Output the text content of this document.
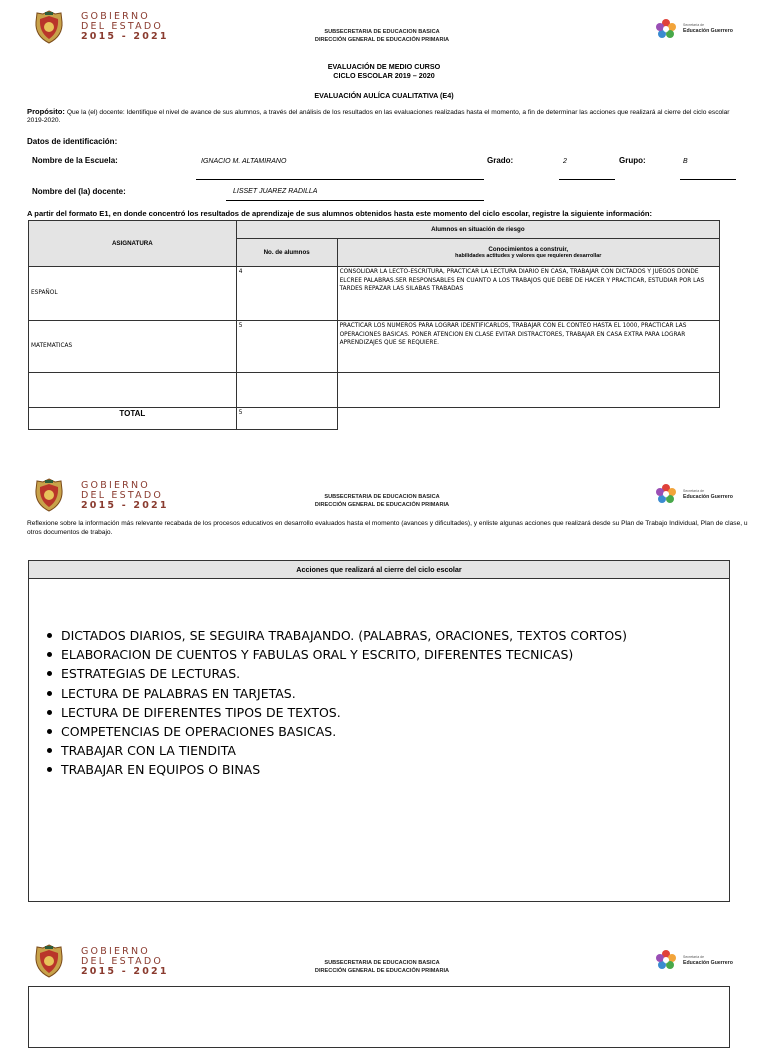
GOBIERNO
DEL ESTADO
2015 - 2021	SUBSECRETARIA DE EDUCACION BASICA
DIRECCIÓN GENERAL DE EDUCACIÓN PRIMARIA
Secretaría de
Educación Guerrero
EVALUACIÓN DE MEDIO CURSO
CICLO ESCOLAR 2019 – 2020
EVALUACIÓN AULÍCA CUALITATIVA (E4)
Propósito: Que la (el) docente: Identifique el nivel de avance de sus alumnos, a través del análisis de los resultados en las evaluaciones realizadas hasta el momento, a fin de determinar las acciones que realizará al cierre del ciclo escolar 2019-2020.
Datos de identificación:
Nombre de la Escuela:	IGNACIO M. ALTAMIRANO	Grado:	2	Grupo:	B
Nombre del (la) docente:	LISSET JUAREZ RADILLA
A partir del formato E1, en donde concentró los resultados de aprendizaje de sus alumnos obtenidos hasta este momento del ciclo escolar, registre la siguiente información:
ASIGNATURA	Alumnos en situación de riesgo	
	No. de alumnos	Conocimientos a construir,
habilidades actitudes y valores que requieren desarrollar

ESPAÑOL	4	CONSOLIDAR LA LECTO-ESCRITURA, PRACTICAR LA LECTURA DIARIO EN CASA, TRABAJAR CON DICTADOS Y JUEGOS DONDE ELCREE PALABRAS.SER RESPONSABLES EN CUANTO A LOS TRABAJOS QUE DEBE DE HACER Y PRACTICAR, ESTUDIAR POR LAS TARDES REPAZAR LAS SILABAS TRABADAS
MATEMATICAS	5	PRACTICAR LOS NUMEROS PARA LOGRAR IDENTIFICARLOS, TRABAJAR CON EL CONTEO HASTA EL 1000, PRACTICAR LAS OPERACIONES BASICAS. PONER ATENCION EN CLASE EVITAR DISTRACTORES, TRABAJAR EN CASA EXTRA PARA LOGRAR APRENDIZAJES QUE SE REQUIERE.

TOTAL	5	
GOBIERNO
DEL ESTADO
2015 - 2021
SUBSECRETARIA DE EDUCACION BASICA
DIRECCIÓN GENERAL DE EDUCACIÓN PRIMARIA
Secretaría de
Educación Guerrero
Reflexione sobre la información más relevante recabada de los procesos educativos en desarrollo evaluados hasta el momento (avances y dificultades), y enliste algunas acciones que realizará desde su Plan de Trabajo Individual, Plan de clase, u otros documentos de trabajo.
Acciones que realizará al cierre del ciclo escolar
DICTADOS DIARIOS, SE SEGUIRA TRABAJANDO. (PALABRAS, ORACIONES, TEXTOS CORTOS)
ELABORACION DE CUENTOS Y FABULAS ORAL Y ESCRITO, DIFERENTES TECNICAS)
ESTRATEGIAS DE LECTURAS.
LECTURA DE PALABRAS EN TARJETAS.
LECTURA DE DIFERENTES TIPOS DE TEXTOS.
COMPETENCIAS DE OPERACIONES BASICAS.
TRABAJAR CON LA TIENDITA
TRABAJAR EN EQUIPOS O BINAS
GOBIERNO
DEL ESTADO
2015 - 2021
SUBSECRETARIA DE EDUCACION BASICA
DIRECCIÓN GENERAL DE EDUCACIÓN PRIMARIA
Secretaría de
Educación Guerrero
